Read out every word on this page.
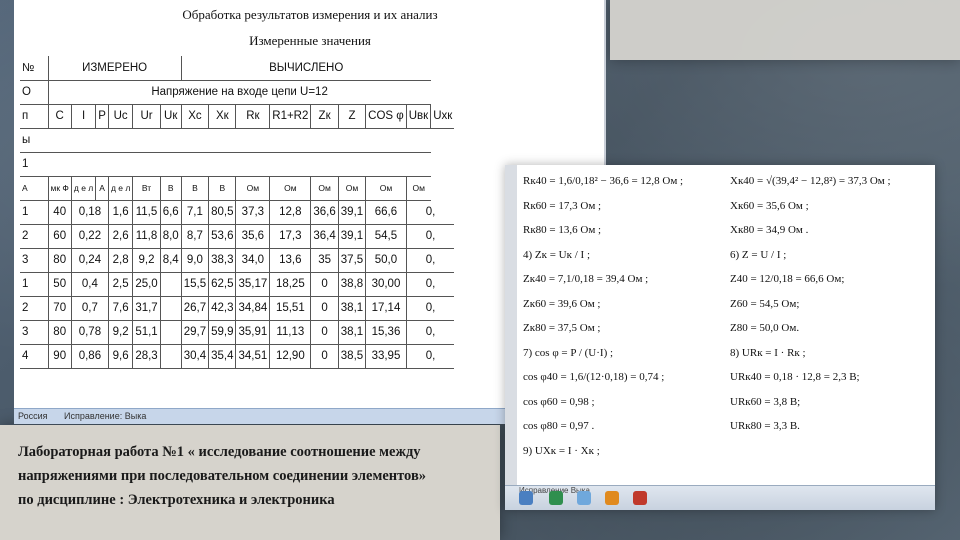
Обработка результатов измерения и их анализ
Измеренные значения
№	ИЗМЕРЕНО						ВЫЧИСЛЕНО								
О	Напряжение на входе цепи U=12														
п	С	I	P	Uc	Ur	Uк	Xc	Xк	Rк	R1+R2	Zк	Z	COS φ	Uвк	Uхк
ы															
1															
А	мк Ф	д е л	А	д е л	Вт	В	В	В	Ом	Ом	Ом	Ом	Ом	Ом	
1	40	0,18		1,6	11,5	6,6	7,1	80,5	37,3	12,8	36,6	39,1	66,6	0,	
2	60	0,22		2,6	11,8	8,0	8,7	53,6	35,6	17,3	36,4	39,1	54,5	0,	
3	80	0,24		2,8	9,2	8,4	9,0	38,3	34,0	13,6	35	37,5	50,0	0,	
1	50	0,4		2,5	25,0		15,5	62,5	35,17	18,25	0	38,8	30,00	0,	
2	70	0,7		7,6	31,7		26,7	42,3	34,84	15,51	0	38,1	17,14	0,	
3	80	0,78		9,2	51,1		29,7	59,9	35,91	11,13	0	38,1	15,36	0,	
4	90	0,86		9,6	28,3		30,4	35,4	34,51	12,90	0	38,5	33,95	0,	
Россия Исправление: Выка
Лабораторная работа №1 « исследование соотношение между
напряжениями при последовательном соединении элементов»
по дисциплине : Электротехника и электроника
Rк40 = 1,6/0,18² − 36,6 = 12,8 Ом ;
Rк60 = 17,3 Ом ;
Rк80 = 13,6 Ом ;
4) Zк = Uк / I ;
Zк40 = 7,1/0,18 = 39,4 Ом ;
Zк60 = 39,6 Ом ;
Zк80 = 37,5 Ом ;
7) cos φ = P / (U·I) ;
cos φ40 = 1,6/(12·0,18) = 0,74 ;
cos φ60 = 0,98 ;
cos φ80 = 0,97 .
9) UXк = I · Xк ;
Xк40 = √(39,4² − 12,8²) = 37,3 Ом ;
Xк60 = 35,6 Ом ;
Xк80 = 34,9 Ом .
6) Z = U / I ;
Z40 = 12/0,18 = 66,6 Ом;
Z60 = 54,5 Ом;
Z80 = 50,0 Ом.
8) URк = I · Rк ;
URк40 = 0,18 · 12,8 = 2,3 В;
URк60 = 3,8 В;
URк80 = 3,3 В.
Исправление
